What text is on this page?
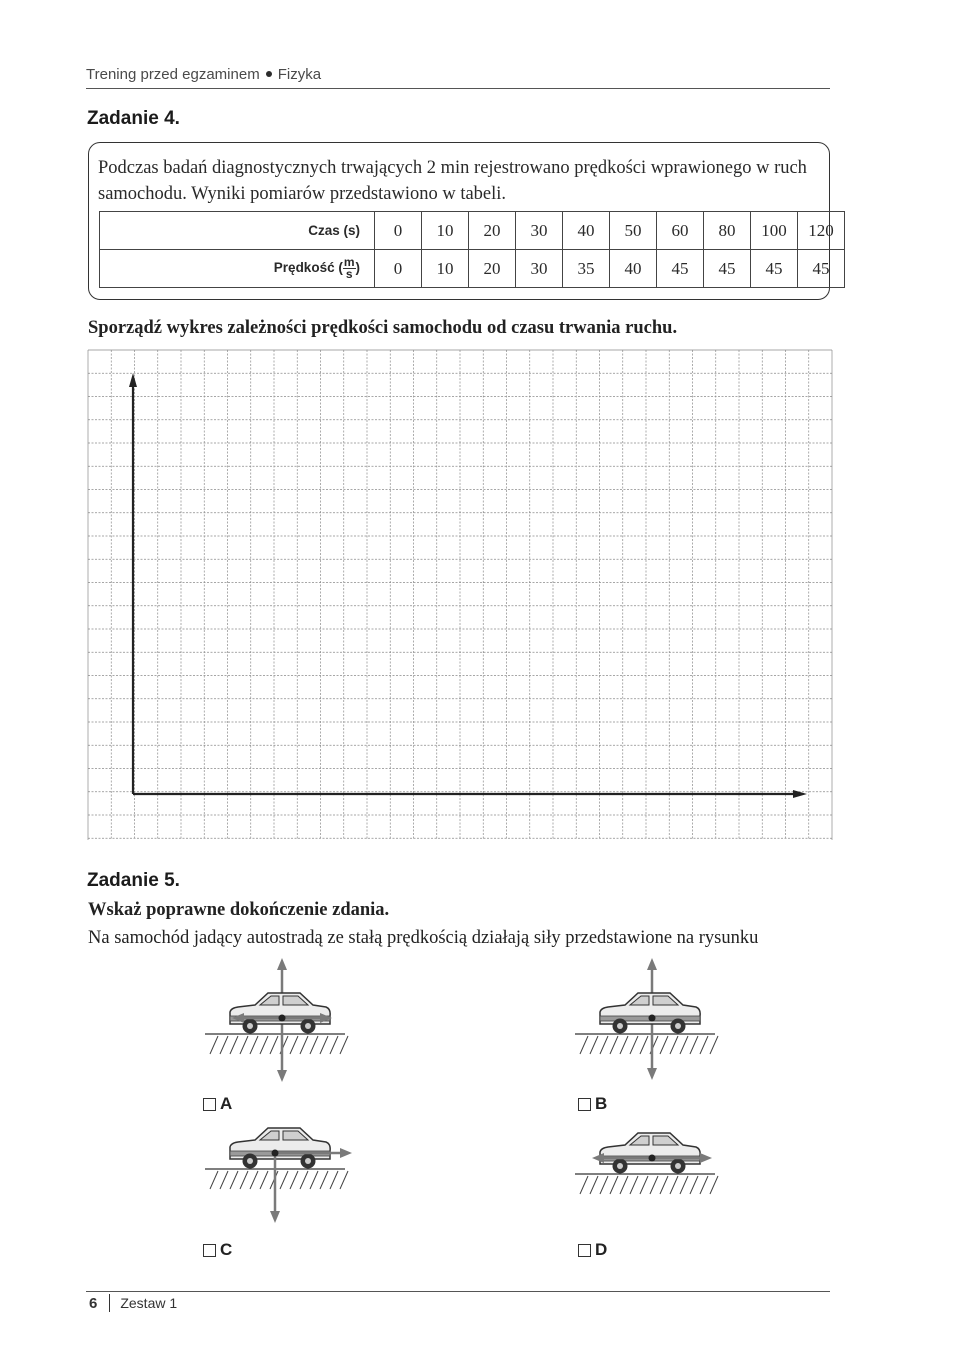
Trening przed egzaminem Fizyka
Zadanie 4.
Podczas badań diagnostycznych trwających 2 min rejestrowano prędkości wprawionego w ruch samochodu. Wyniki pomiarów przedstawiono w tabeli.
Czas (s)	0	10	20	30	40	50	60	80	100	120
Prędkość ( $\frac{m}{s}$ )	0	10	20	30	35	40	45	45	45	45
Sporządź wykres zależności prędkości samochodu od czasu trwania ruchu.
Zadanie 5.
Wskaż poprawne dokończenie zdania.
Na samochód jadący autostradą ze stałą prędkością działają siły przedstawione na rysunku
A	B
C	D
6 Zestaw 1
